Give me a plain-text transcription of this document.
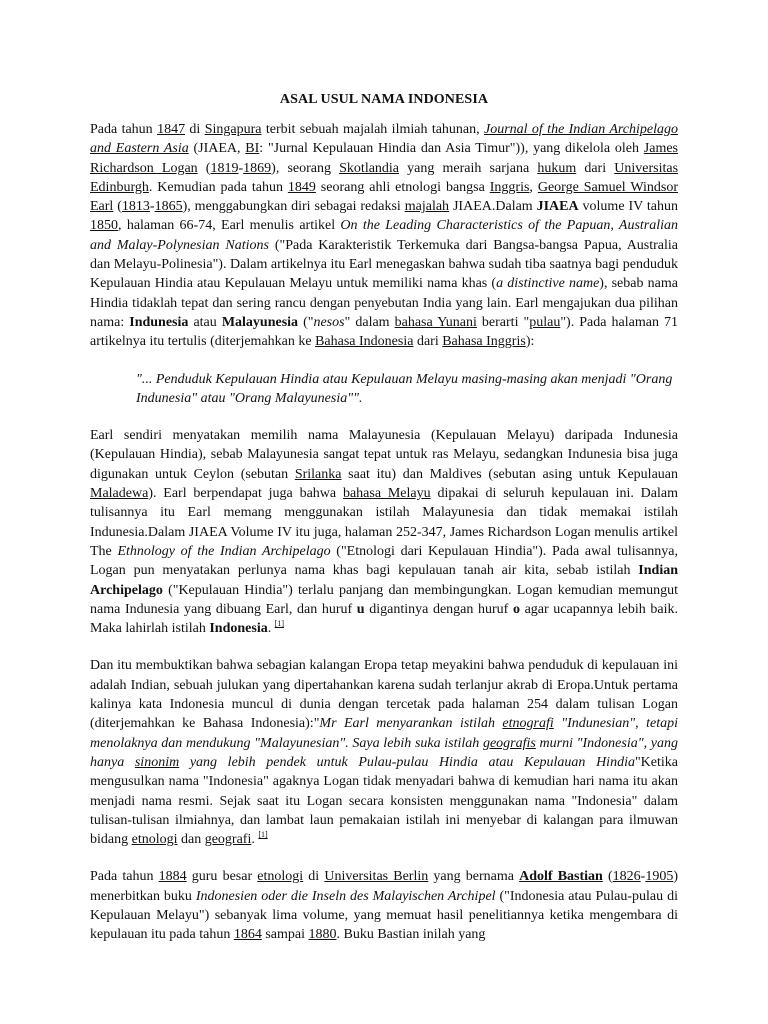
ASAL USUL NAMA INDONESIA

Pada tahun 1847 di Singapura terbit sebuah majalah ilmiah tahunan, Journal of the Indian Archipelago and Eastern Asia (JIAEA, BI: "Jurnal Kepulauan Hindia dan Asia Timur")), yang dikelola oleh James Richardson Logan (1819-1869), seorang Skotlandia yang meraih sarjana hukum dari Universitas Edinburgh. Kemudian pada tahun 1849 seorang ahli etnologi bangsa Inggris, George Samuel Windsor Earl (1813-1865), menggabungkan diri sebagai redaksi majalah JIAEA.Dalam JIAEA volume IV tahun 1850, halaman 66-74, Earl menulis artikel On the Leading Characteristics of the Papuan, Australian and Malay-Polynesian Nations ("Pada Karakteristik Terkemuka dari Bangsa-bangsa Papua, Australia dan Melayu-Polinesia"). Dalam artikelnya itu Earl menegaskan bahwa sudah tiba saatnya bagi penduduk Kepulauan Hindia atau Kepulauan Melayu untuk memiliki nama khas (a distinctive name), sebab nama Hindia tidaklah tepat dan sering rancu dengan penyebutan India yang lain. Earl mengajukan dua pilihan nama: Indunesia atau Malayunesia ("nesos" dalam bahasa Yunani berarti "pulau"). Pada halaman 71 artikelnya itu tertulis (diterjemahkan ke Bahasa Indonesia dari Bahasa Inggris):

"... Penduduk Kepulauan Hindia atau Kepulauan Melayu masing-masing akan menjadi "Orang Indunesia" atau "Orang Malayunesia"".

Earl sendiri menyatakan memilih nama Malayunesia (Kepulauan Melayu) daripada Indunesia (Kepulauan Hindia), sebab Malayunesia sangat tepat untuk ras Melayu, sedangkan Indunesia bisa juga digunakan untuk Ceylon (sebutan Srilanka saat itu) dan Maldives (sebutan asing untuk Kepulauan Maladewa). Earl berpendapat juga bahwa bahasa Melayu dipakai di seluruh kepulauan ini. Dalam tulisannya itu Earl memang menggunakan istilah Malayunesia dan tidak memakai istilah Indunesia.Dalam JIAEA Volume IV itu juga, halaman 252-347, James Richardson Logan menulis artikel The Ethnology of the Indian Archipelago ("Etnologi dari Kepulauan Hindia"). Pada awal tulisannya, Logan pun menyatakan perlunya nama khas bagi kepulauan tanah air kita, sebab istilah Indian Archipelago ("Kepulauan Hindia") terlalu panjang dan membingungkan. Logan kemudian memungut nama Indunesia yang dibuang Earl, dan huruf u digantinya dengan huruf o agar ucapannya lebih baik. Maka lahirlah istilah Indonesia. [1]

Dan itu membuktikan bahwa sebagian kalangan Eropa tetap meyakini bahwa penduduk di kepulauan ini adalah Indian, sebuah julukan yang dipertahankan karena sudah terlanjur akrab di Eropa.Untuk pertama kalinya kata Indonesia muncul di dunia dengan tercetak pada halaman 254 dalam tulisan Logan (diterjemahkan ke Bahasa Indonesia):"Mr Earl menyarankan istilah etnografi "Indunesian", tetapi menolaknya dan mendukung "Malayunesian". Saya lebih suka istilah geografis murni "Indonesia", yang hanya sinonim yang lebih pendek untuk Pulau-pulau Hindia atau Kepulauan Hindia"Ketika mengusulkan nama "Indonesia" agaknya Logan tidak menyadari bahwa di kemudian hari nama itu akan menjadi nama resmi. Sejak saat itu Logan secara konsisten menggunakan nama "Indonesia" dalam tulisan-tulisan ilmiahnya, dan lambat laun pemakaian istilah ini menyebar di kalangan para ilmuwan bidang etnologi dan geografi. [1]

Pada tahun 1884 guru besar etnologi di Universitas Berlin yang bernama Adolf Bastian (1826-1905) menerbitkan buku Indonesien oder die Inseln des Malayischen Archipel ("Indonesia atau Pulau-pulau di Kepulauan Melayu") sebanyak lima volume, yang memuat hasil penelitiannya ketika mengembara di kepulauan itu pada tahun 1864 sampai 1880. Buku Bastian inilah yang
